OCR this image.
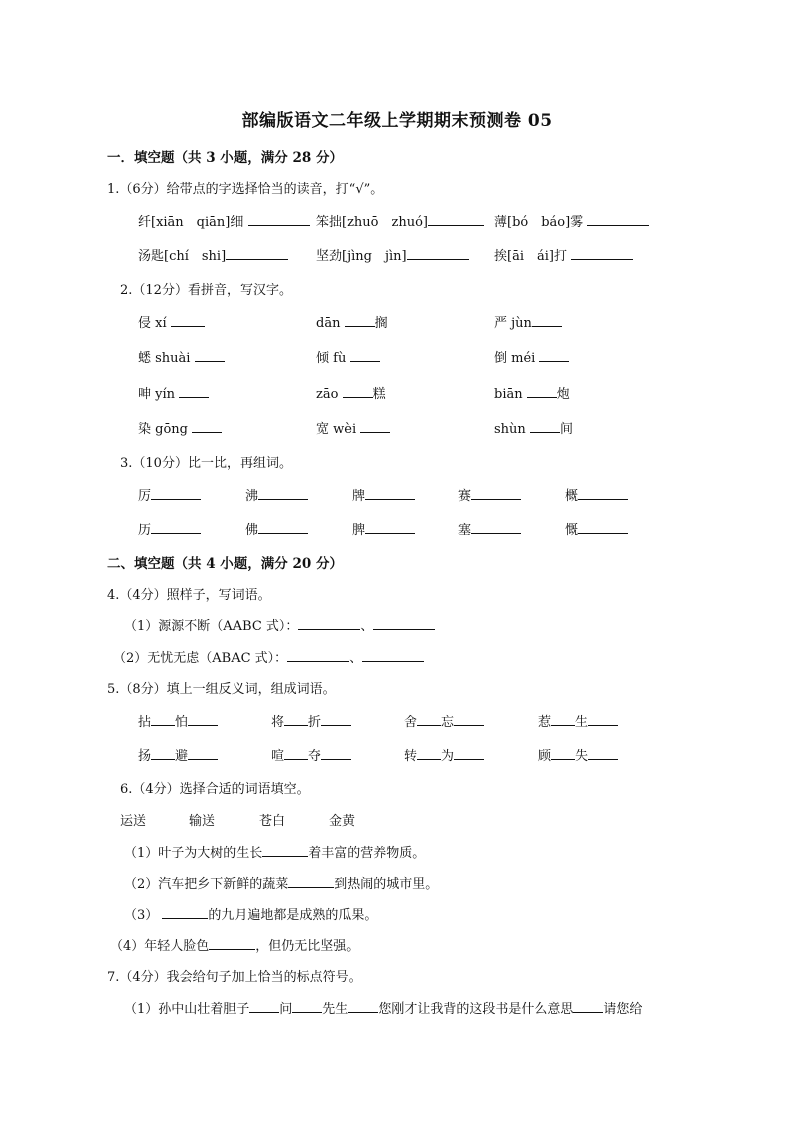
部编版语文二年级上学期期末预测卷 05
一．填空题（共 3 小题，满分 28 分）
1.（6分）给带点的字选择恰当的读音，打“√”。
纤[xiān　qiān]细	笨拙[zhuō　zhuó]	薄[bó　báo]雾
汤匙[chí　shi]	坚劲[jìng　jìn]	挨[āi　ái]打
2.（12分）看拼音，写汉字。
侵 xí	dān	搁	严 jùn
蟋 shuài	倾 fù	倒 méi
呻 yín	zāo	糕	biān	炮
染 gōng	宽 wèi	shùn	间
3.（10分）比一比，再组词。
厉	沸	牌	赛	概
历	佛	脾	塞	慨
二、填空题（共 4 小题，满分 20 分）
4.（4分）照样子，写词语。
（1）源源不断（AABC 式）：	、
（2）无忧无虑（ABAC 式）：	、
5.（8分）填上一组反义词，组成词语。
拈 怕	将 折	舍 忘	惹 生
扬 避	喧 夺	转 为	顾 失
6.（4分）选择合适的词语填空。
运送	输送	苍白	金黄
（1）叶子为大树的生长	着丰富的营养物质。
（2）汽车把乡下新鲜的蔬菜	到热闹的城市里。
（3）	的九月遍地都是成熟的瓜果。
（4）年轻人脸色	，但仍无比坚强。
7.（4分）我会给句子加上恰当的标点符号。
（1）孙中山壮着胆子 问 先生 您刚才让我背的这段书是什么意思 请您给
